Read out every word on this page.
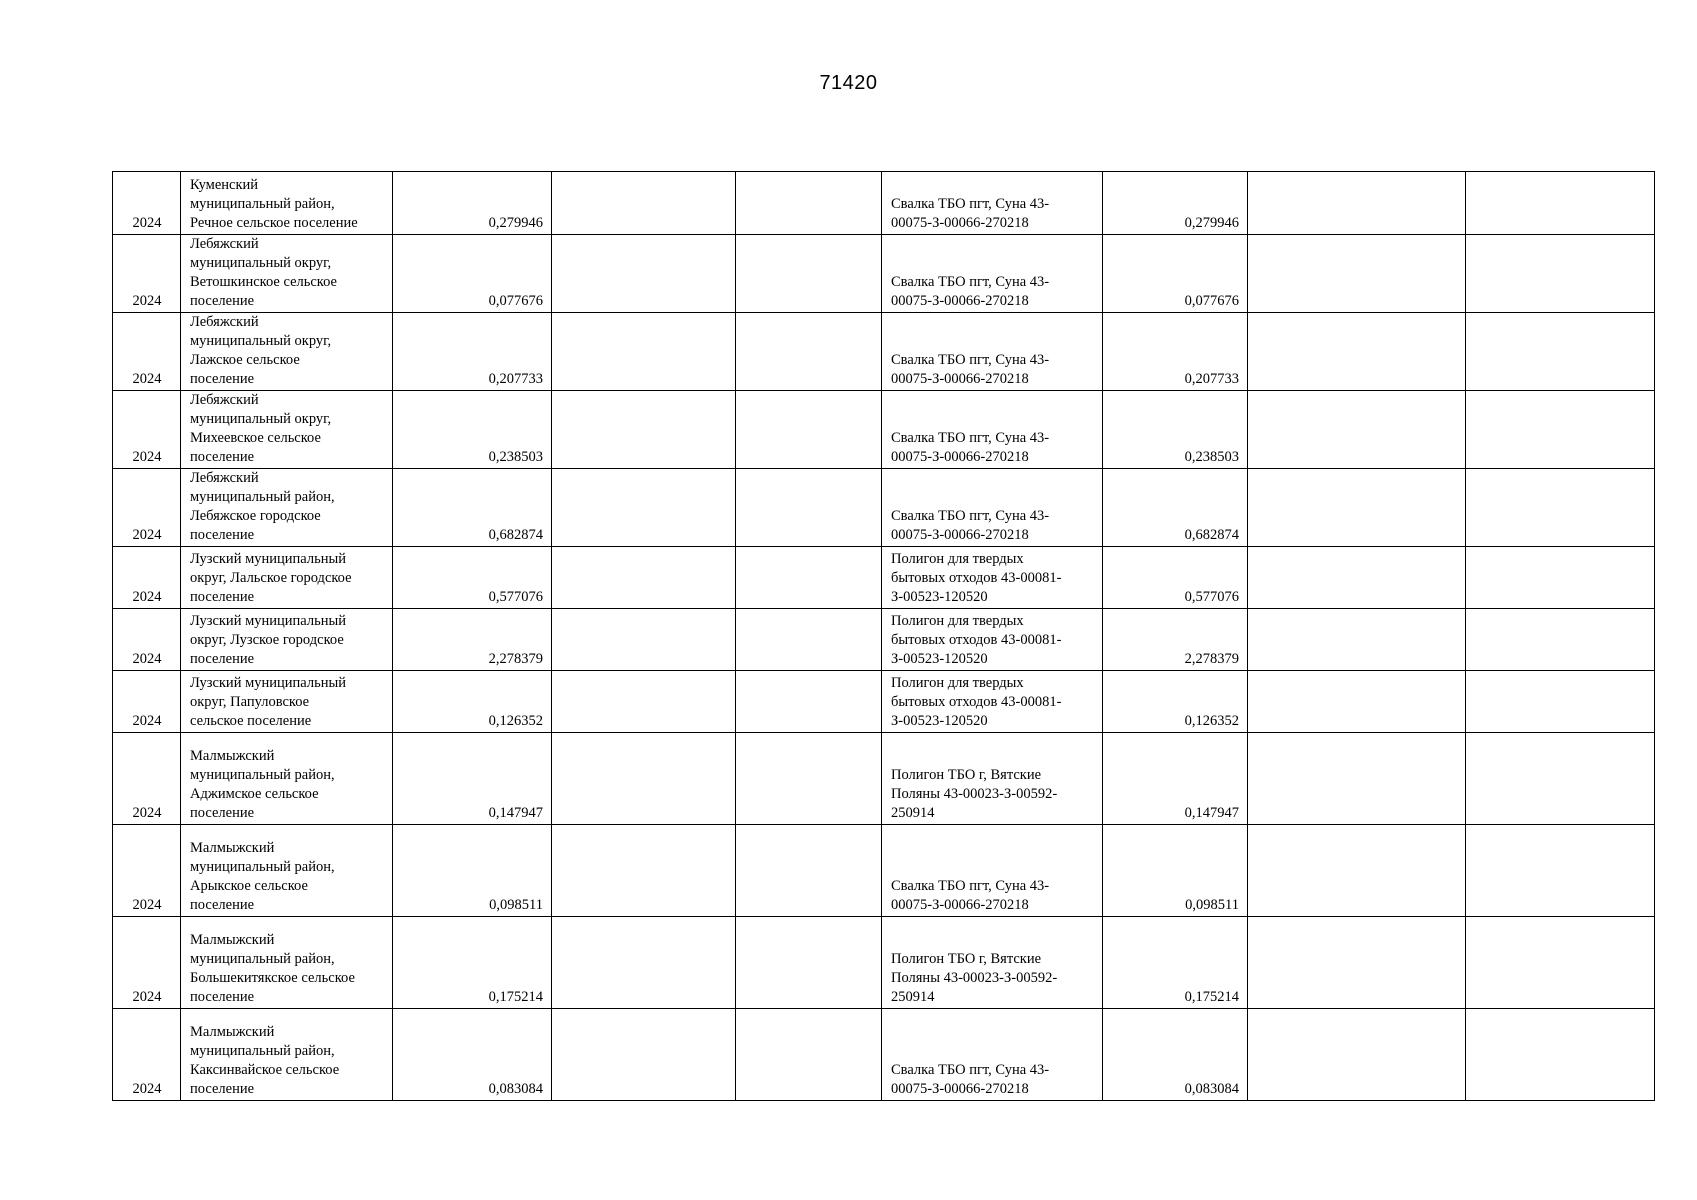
71420
2024	Куменский
муниципальный район,
Речное сельское поселение	0,279946			Свалка ТБО пгт, Суна 43-
00075-З-00066-270218	0,279946		
2024	Лебяжский
муниципальный округ,
Ветошкинское сельское
поселение	0,077676			Свалка ТБО пгт, Суна 43-
00075-З-00066-270218	0,077676		
2024	Лебяжский
муниципальный округ,
Лажское сельское
поселение	0,207733			Свалка ТБО пгт, Суна 43-
00075-З-00066-270218	0,207733		
2024	Лебяжский
муниципальный округ,
Михеевское сельское
поселение	0,238503			Свалка ТБО пгт, Суна 43-
00075-З-00066-270218	0,238503		
2024	Лебяжский
муниципальный район,
Лебяжское городское
поселение	0,682874			Свалка ТБО пгт, Суна 43-
00075-З-00066-270218	0,682874		
2024	Лузский муниципальный
округ, Лальское городское
поселение	0,577076			Полигон для твердых
бытовых отходов 43-00081-
З-00523-120520	0,577076		
2024	Лузский муниципальный
округ, Лузское городское
поселение	2,278379			Полигон для твердых
бытовых отходов 43-00081-
З-00523-120520	2,278379		
2024	Лузский муниципальный
округ, Папуловское
сельское поселение	0,126352			Полигон для твердых
бытовых отходов 43-00081-
З-00523-120520	0,126352		
2024	Малмыжский
муниципальный район,
Аджимское сельское
поселение	0,147947			Полигон ТБО г, Вятские
Поляны 43-00023-З-00592-
250914	0,147947		
2024	Малмыжский
муниципальный район,
Арыкское сельское
поселение	0,098511			Свалка ТБО пгт, Суна 43-
00075-З-00066-270218	0,098511		
2024	Малмыжский
муниципальный район,
Большекитякское сельское
поселение	0,175214			Полигон ТБО г, Вятские
Поляны 43-00023-З-00592-
250914	0,175214		
2024	Малмыжский
муниципальный район,
Каксинвайское сельское
поселение	0,083084			Свалка ТБО пгт, Суна 43-
00075-З-00066-270218	0,083084		
